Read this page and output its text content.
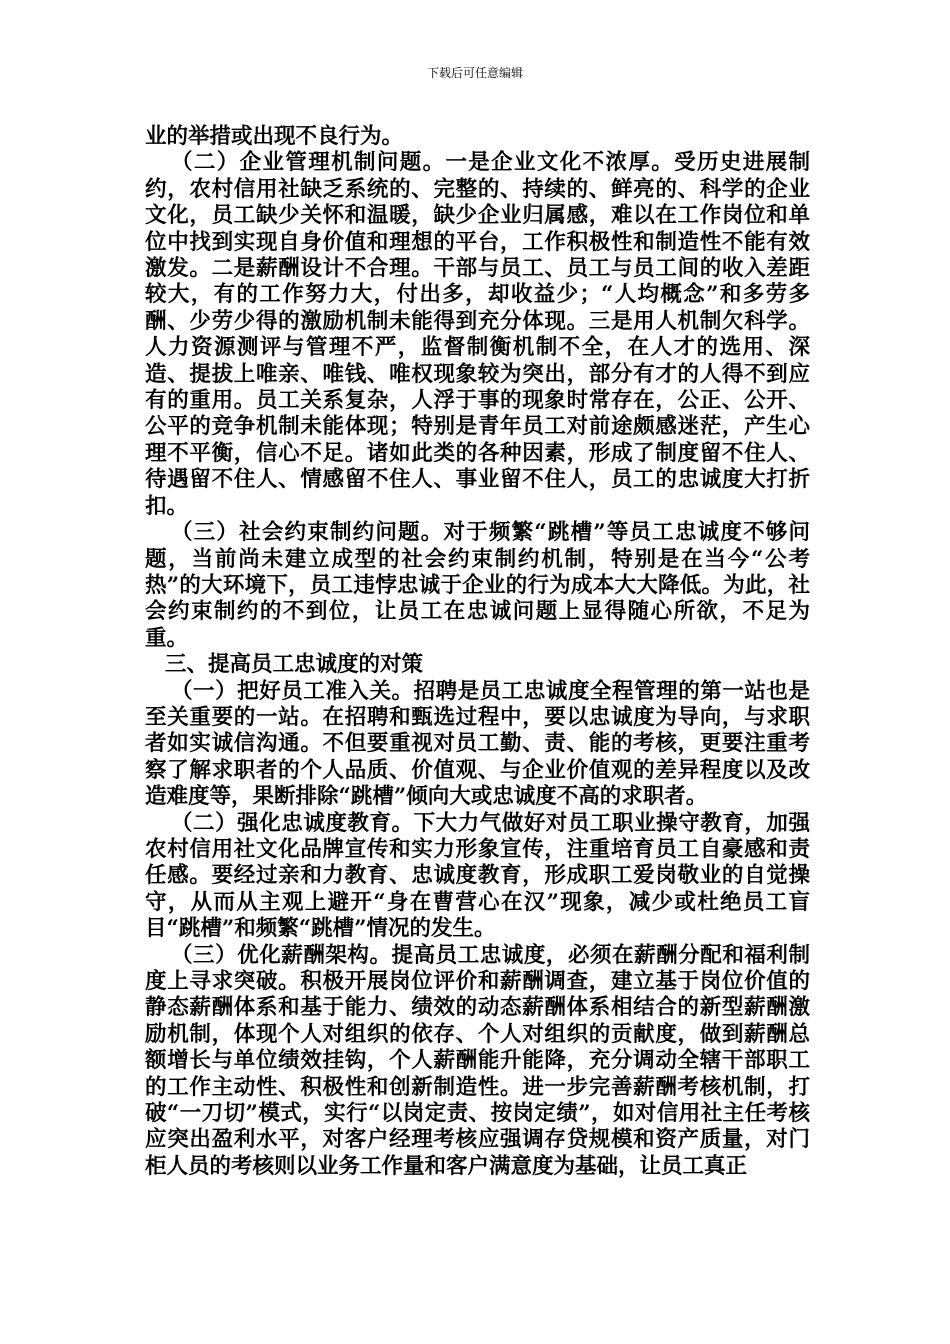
下载后可任意编辑

业的举措或出现不良行为。

（二）企业管理机制问题。一是企业文化不浓厚。受历史进展制约，农村信用社缺乏系统的、完整的、持续的、鲜亮的、科学的企业文化，员工缺少关怀和温暖，缺少企业归属感，难以在工作岗位和单位中找到实现自身价值和理想的平台，工作积极性和制造性不能有效激发。二是薪酬设计不合理。干部与员工、员工与员工间的收入差距较大，有的工作努力大，付出多，却收益少；“人均概念”和多劳多酬、少劳少得的激励机制未能得到充分体现。三是用人机制欠科学。人力资源测评与管理不严，监督制衡机制不全，在人才的选用、深造、提拔上唯亲、唯钱、唯权现象较为突出，部分有才的人得不到应有的重用。员工关系复杂，人浮于事的现象时常存在，公正、公开、公平的竞争机制未能体现；特别是青年员工对前途颇感迷茫，产生心理不平衡，信心不足。诸如此类的各种因素，形成了制度留不住人、待遇留不住人、情感留不住人、事业留不住人，员工的忠诚度大打折扣。

（三）社会约束制约问题。对于频繁“跳槽”等员工忠诚度不够问题，当前尚未建立成型的社会约束制约机制，特别是在当今“公考热”的大环境下，员工违悖忠诚于企业的行为成本大大降低。为此，社会约束制约的不到位，让员工在忠诚问题上显得随心所欲，不足为重。

三、提高员工忠诚度的对策

（一）把好员工准入关。招聘是员工忠诚度全程管理的第一站也是至关重要的一站。在招聘和甄选过程中，要以忠诚度为导向，与求职者如实诚信沟通。不但要重视对员工勤、责、能的考核，更要注重考察了解求职者的个人品质、价值观、与企业价值观的差异程度以及改造难度等，果断排除“跳槽”倾向大或忠诚度不高的求职者。

（二）强化忠诚度教育。下大力气做好对员工职业操守教育，加强农村信用社文化品牌宣传和实力形象宣传，注重培育员工自豪感和责任感。要经过亲和力教育、忠诚度教育，形成职工爱岗敬业的自觉操守，从而从主观上避开“身在曹营心在汉”现象，减少或杜绝员工盲目“跳槽”和频繁“跳槽”情况的发生。

（三）优化薪酬架构。提高员工忠诚度，必须在薪酬分配和福利制度上寻求突破。积极开展岗位评价和薪酬调查，建立基于岗位价值的静态薪酬体系和基于能力、绩效的动态薪酬体系相结合的新型薪酬激励机制，体现个人对组织的依存、个人对组织的贡献度，做到薪酬总额增长与单位绩效挂钩，个人薪酬能升能降，充分调动全辖干部职工的工作主动性、积极性和创新制造性。进一步完善薪酬考核机制，打破“一刀切”模式，实行“以岗定责、按岗定绩”，如对信用社主任考核应突出盈利水平，对客户经理考核应强调存贷规模和资产质量，对门柜人员的考核则以业务工作量和客户满意度为基础，让员工真正
